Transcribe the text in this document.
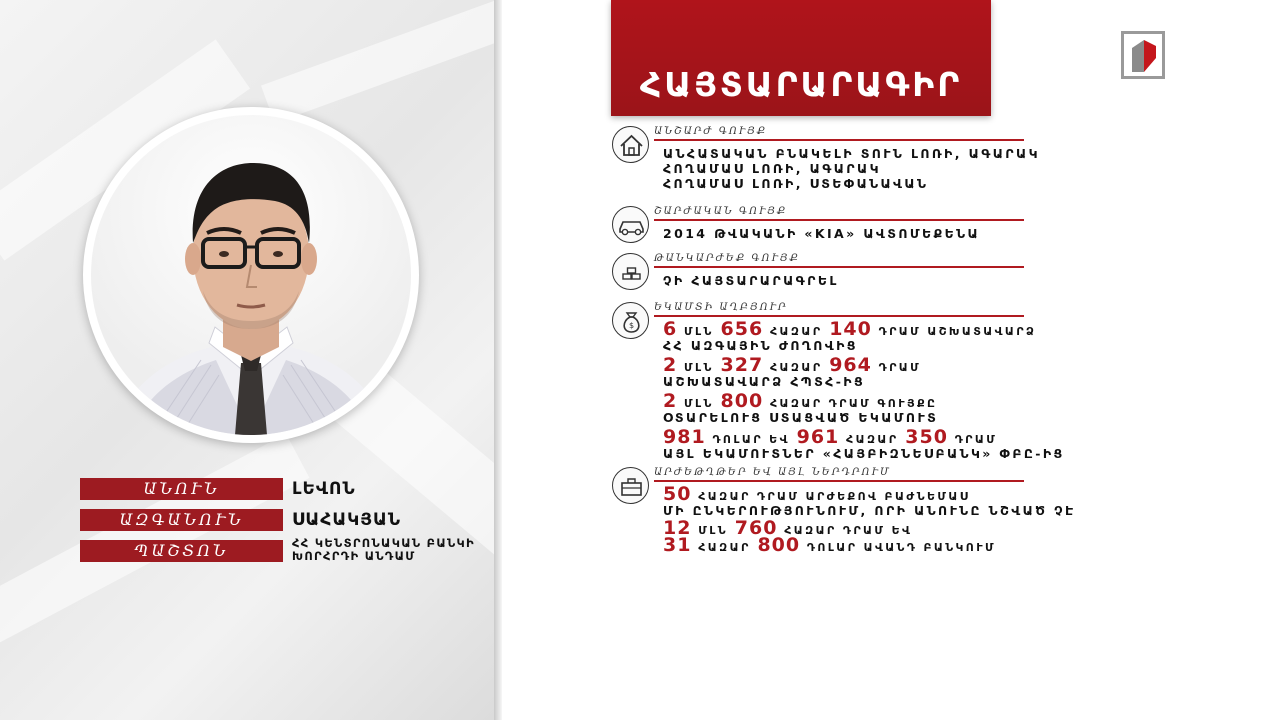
ԱՆՈՒՆ	ԼԵՎՈՆ
ԱԶԳԱՆՈՒՆ	ՍԱՀԱԿՅԱՆ
ՊԱՇՏՈՆ	ՀՀ ԿԵՆՏՐՈՆԱԿԱՆ ԲԱՆԿԻ
ԽՈՐՀՐԴԻ ԱՆԴԱՄ
ՀԱՅՏԱՐԱՐԱԳԻՐ
ԱՆՇԱՐԺ ԳՈՒՅՔ
ԱՆՀԱՏԱԿԱՆ ԲՆԱԿԵԼԻ ՏՈՒՆ ԼՈՌԻ, ԱԳԱՐԱԿ
ՀՈՂԱՄԱՍ ԼՈՌԻ, ԱԳԱՐԱԿ
ՀՈՂԱՄԱՍ ԼՈՌԻ, ՍՏԵՓԱՆԱՎԱՆ
ՇԱՐԺԱԿԱՆ ԳՈՒՅՔ
2014 ԹՎԱԿԱՆԻ «KIA» ԱՎՏՈՄԵՔԵՆԱ
ԹԱՆԿԱՐԺԵՔ ԳՈՒՅՔ
ՉԻ ՀԱՅՏԱՐԱՐԱԳՐԵԼ
$
ԵԿԱՄՏԻ ԱՂԲՅՈՒՐ
6 ՄԼՆ 656 ՀԱԶԱՐ 140 ԴՐԱՄ ԱՇԽԱՏԱՎԱՐՁ
ՀՀ ԱԶԳԱՅԻՆ ԺՈՂՈՎԻՑ
2 ՄԼՆ 327 ՀԱԶԱՐ 964 ԴՐԱՄ
ԱՇԽԱՏԱՎԱՐՁ ՀՊՏՀ-ԻՑ
2 ՄԼՆ 800 ՀԱԶԱՐ ԴՐԱՄ ԳՈՒՅՔԸ
ՕՏԱՐԵԼՈՒՑ ՍՏԱՑՎԱԾ ԵԿԱՄՈՒՏ
981 ԴՈԼԱՐ ԵՎ 961 ՀԱԶԱՐ 350 ԴՐԱՄ
ԱՅԼ ԵԿԱՄՈՒՏՆԵՐ «ՀԱՅԲԻԶՆԵՍԲԱՆԿ» ՓԲԸ-ԻՑ
ԱՐԺԵԹՂԹԵՐ ԵՎ ԱՅԼ ՆԵՐԴՐՈՒՄ
50 ՀԱԶԱՐ ԴՐԱՄ ԱՐԺԵՔՈՎ ԲԱԺՆԵՄԱՍ
ՄԻ ԸՆԿԵՐՈՒԹՅՈՒՆՈՒՄ, ՈՐԻ ԱՆՈՒՆԸ ՆՇՎԱԾ ՉԷ
12 ՄԼՆ 760 ՀԱԶԱՐ ԴՐԱՄ ԵՎ
31 ՀԱԶԱՐ 800 ԴՈԼԱՐ ԱՎԱՆԴ ԲԱՆԿՈՒՄ
